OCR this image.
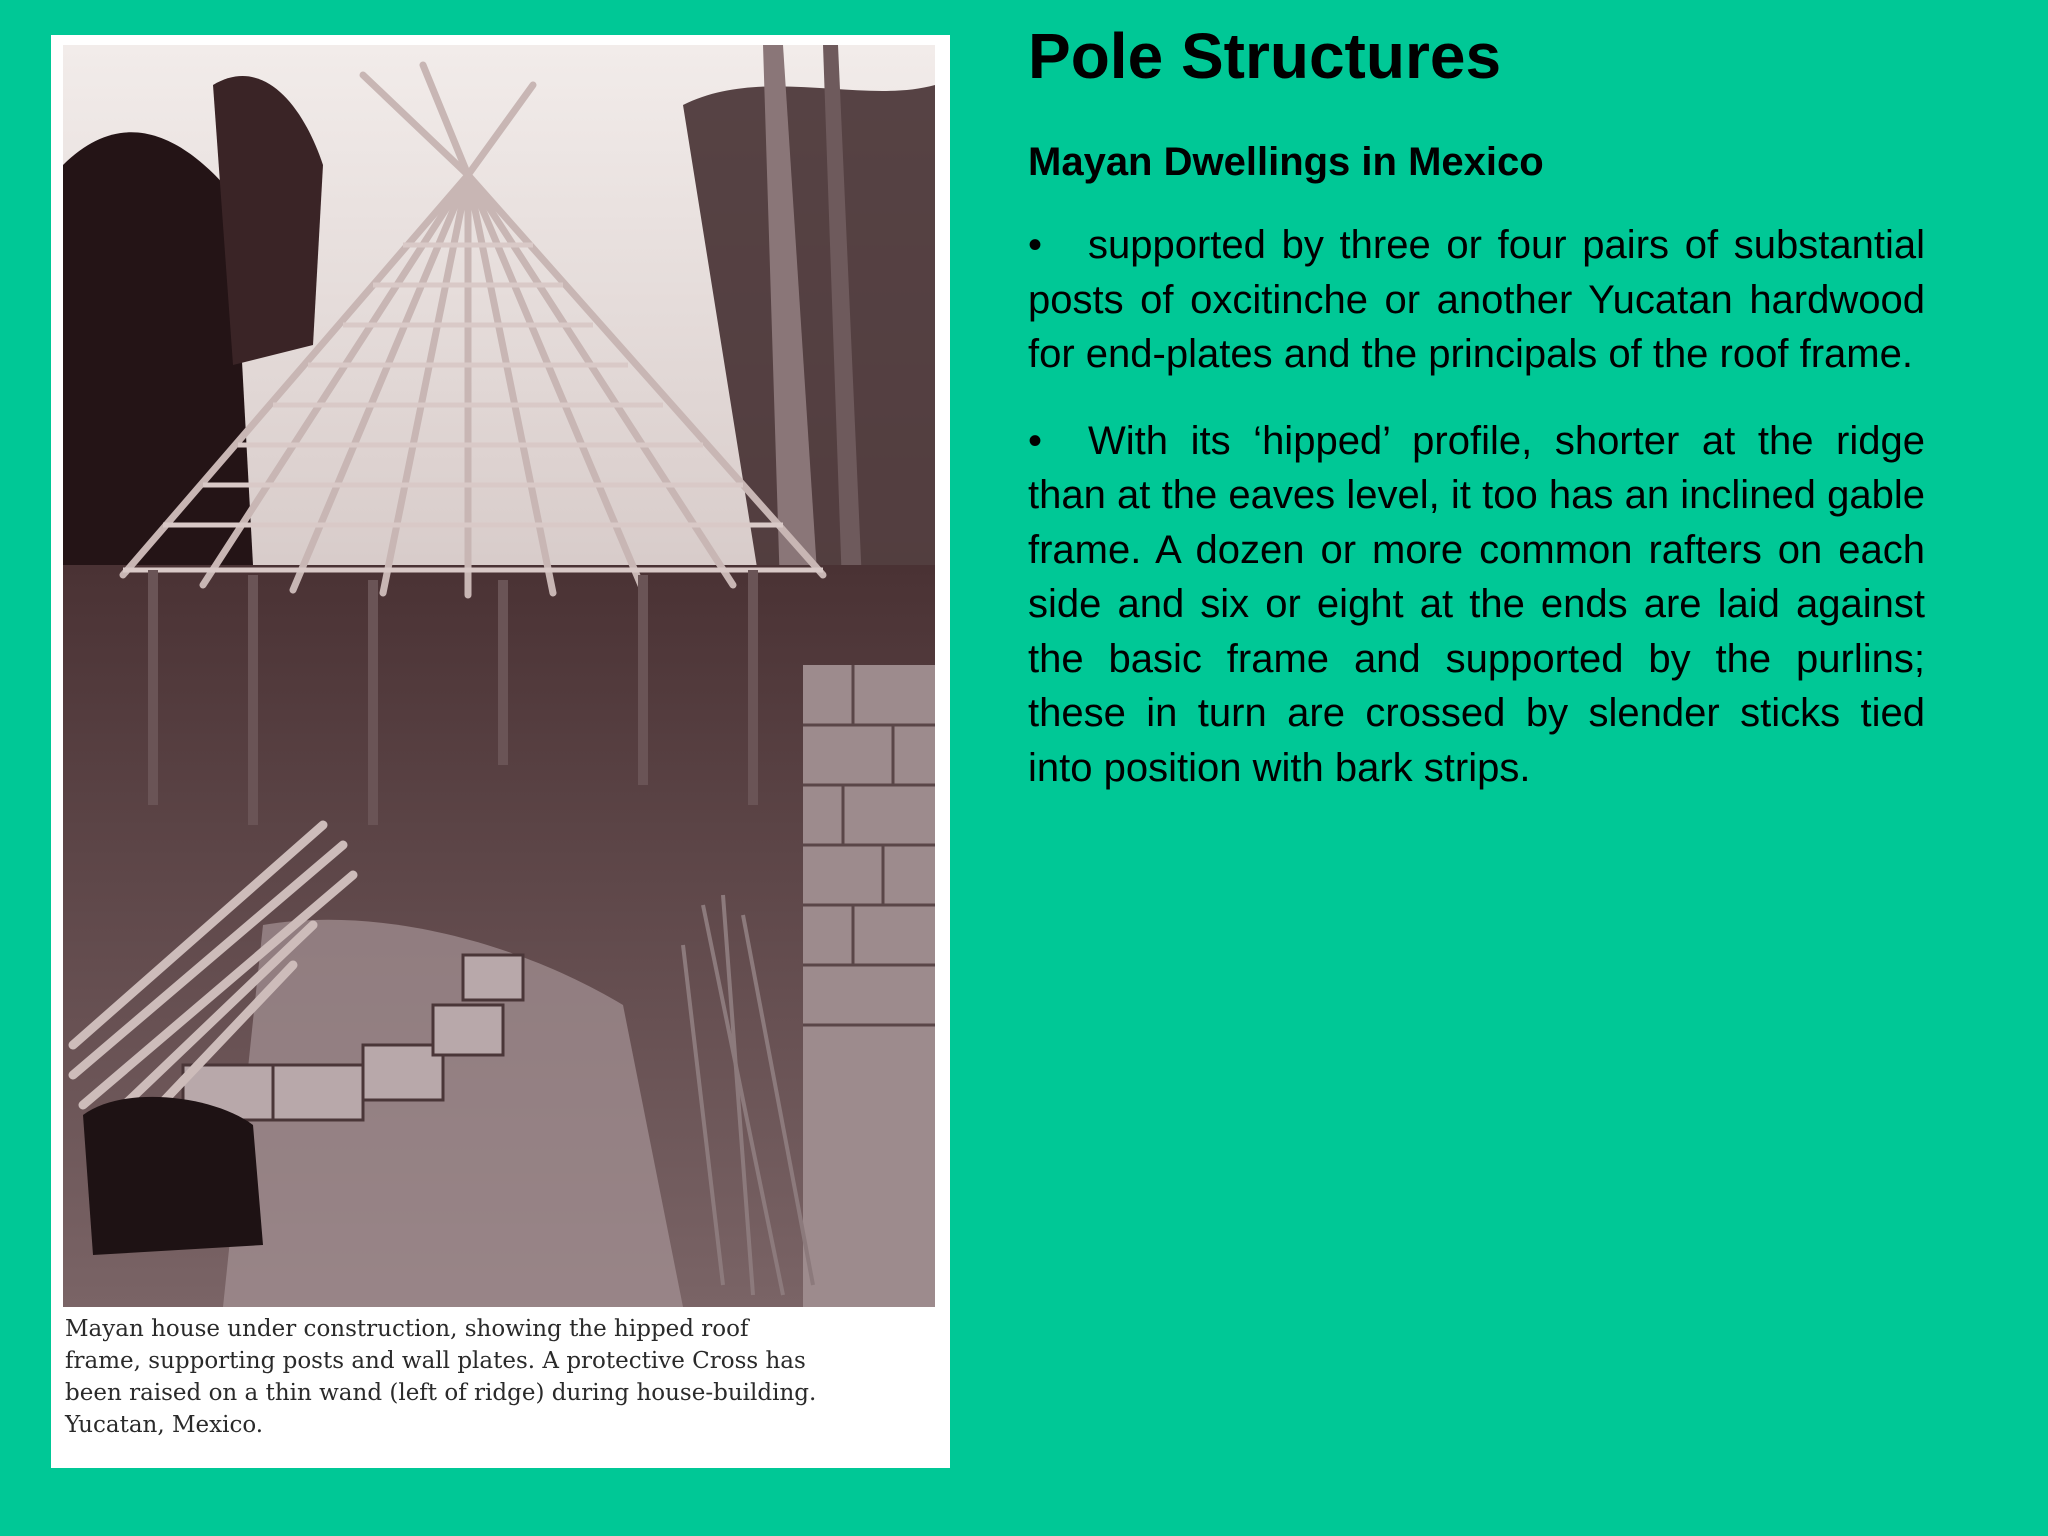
Mayan house under construction, showing the hipped roof
frame, supporting posts and wall plates. A protective Cross has
been raised on a thin wand (left of ridge) during house-building.
Yucatan, Mexico.

Pole Structures
Mayan Dwellings in Mexico

• supported by three or four pairs of substantial posts of oxcitinche or another Yucatan hardwood for end-plates and the principals of the roof frame.

• With its ‘hipped’ profile, shorter at the ridge than at the eaves level, it too has an inclined gable frame. A dozen or more common rafters on each side and six or eight at the ends are laid against the basic frame and supported by the purlins; these in turn are crossed by slender sticks tied into position with bark strips.
